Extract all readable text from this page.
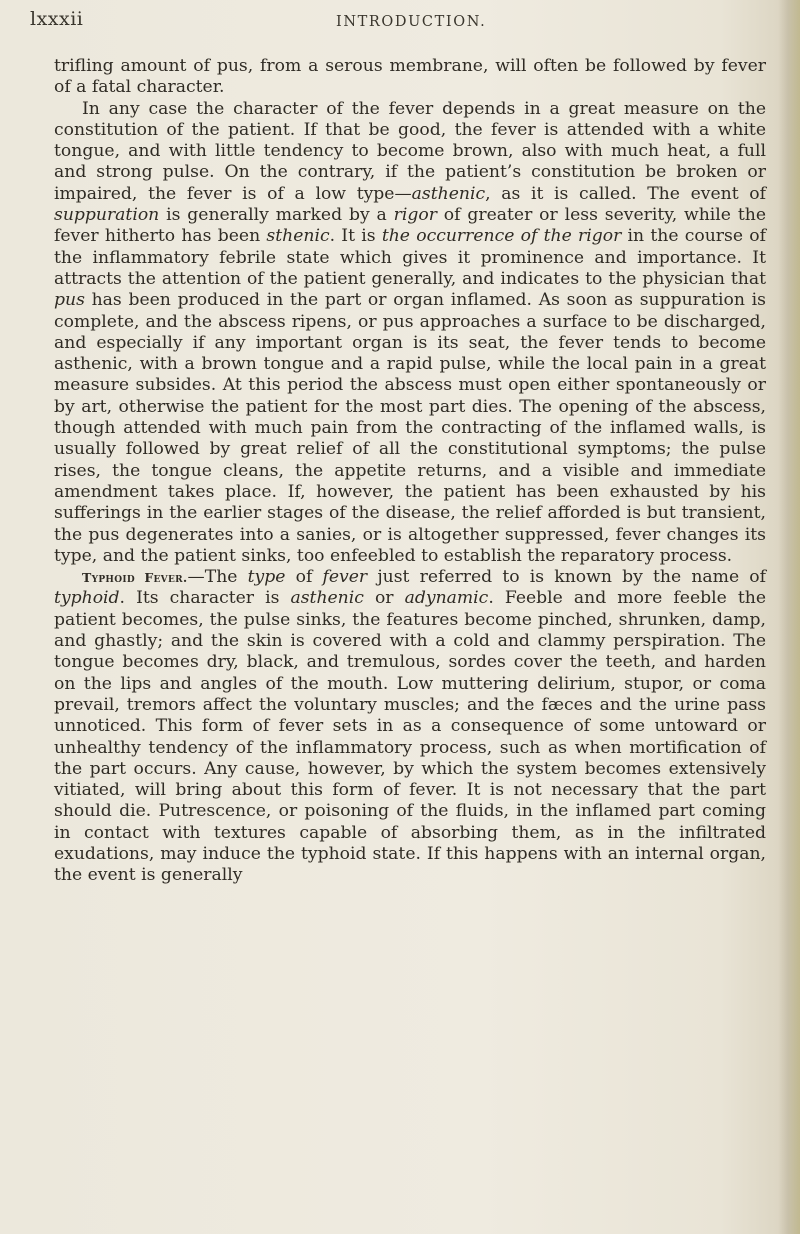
lxxxii	INTRODUCTION.

trifling amount of pus, from a serous membrane, will often be followed by fever of a fatal character.

In any case the character of the fever depends in a great measure on the constitution of the patient. If that be good, the fever is attended with a white tongue, and with little tendency to become brown, also with much heat, a full and strong pulse. On the contrary, if the patient’s constitution be broken or impaired, the fever is of a low type—asthenic, as it is called. The event of suppuration is generally marked by a rigor of greater or less severity, while the fever hitherto has been sthenic. It is the occurrence of the rigor in the course of the inflammatory febrile state which gives it prominence and importance. It attracts the attention of the patient generally, and indicates to the physician that pus has been produced in the part or organ inflamed. As soon as suppuration is complete, and the abscess ripens, or pus approaches a surface to be discharged, and especially if any important organ is its seat, the fever tends to become asthenic, with a brown tongue and a rapid pulse, while the local pain in a great measure subsides. At this period the abscess must open either spontaneously or by art, otherwise the patient for the most part dies. The opening of the abscess, though attended with much pain from the contracting of the inflamed walls, is usually followed by great relief of all the constitutional symptoms; the pulse rises, the tongue cleans, the appetite returns, and a visible and immediate amendment takes place. If, however, the patient has been exhausted by his sufferings in the earlier stages of the disease, the relief afforded is but transient, the pus degenerates into a sanies, or is altogether suppressed, fever changes its type, and the patient sinks, too enfeebled to establish the reparatory process.

Typhoid Fever.—The type of fever just referred to is known by the name of typhoid. Its character is asthenic or adynamic. Feeble and more feeble the patient becomes, the pulse sinks, the features become pinched, shrunken, damp, and ghastly; and the skin is covered with a cold and clammy perspiration. The tongue becomes dry, black, and tremulous, sordes cover the teeth, and harden on the lips and angles of the mouth. Low muttering delirium, stupor, or coma prevail, tremors affect the voluntary muscles; and the fæces and the urine pass unnoticed. This form of fever sets in as a consequence of some untoward or unhealthy tendency of the inflammatory process, such as when mortification of the part occurs. Any cause, however, by which the system becomes extensively vitiated, will bring about this form of fever. It is not necessary that the part should die. Putrescence, or poisoning of the fluids, in the inflamed part coming in contact with textures capable of absorbing them, as in the infiltrated exudations, may induce the typhoid state. If this happens with an internal organ, the event is generally
